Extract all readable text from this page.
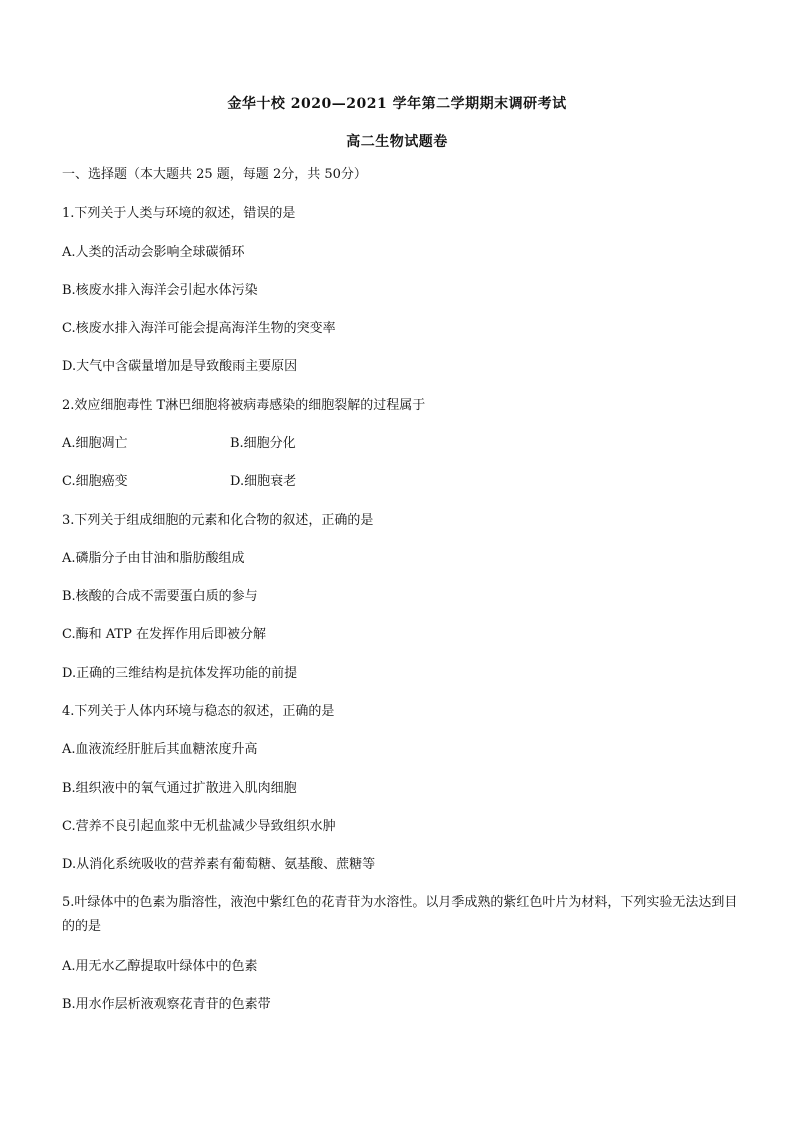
金华十校 2020—2021 学年第二学期期末调研考试
高二生物试题卷
一、选择题（本大题共 25 题，每题 2分，共 50分）
1.下列关于人类与环境的叙述，错误的是
A.人类的活动会影响全球碳循环
B.核废水排入海洋会引起水体污染
C.核废水排入海洋可能会提高海洋生物的突变率
D.大气中含碳量增加是导致酸雨主要原因
2.效应细胞毒性 T淋巴细胞将被病毒感染的细胞裂解的过程属于
A.细胞凋亡	B.细胞分化
C.细胞癌变	D.细胞衰老
3.下列关于组成细胞的元素和化合物的叙述，正确的是
A.磷脂分子由甘油和脂肪酸组成
B.核酸的合成不需要蛋白质的参与
C.酶和 ATP 在发挥作用后即被分解
D.正确的三维结构是抗体发挥功能的前提
4.下列关于人体内环境与稳态的叙述，正确的是
A.血液流经肝脏后其血糖浓度升高
B.组织液中的氧气通过扩散进入肌肉细胞
C.营养不良引起血浆中无机盐减少导致组织水肿
D.从消化系统吸收的营养素有葡萄糖、氨基酸、蔗糖等
5.叶绿体中的色素为脂溶性，液泡中紫红色的花青苷为水溶性。以月季成熟的紫红色叶片为材料，下列实验无法达到目的的是
A.用无水乙醇提取叶绿体中的色素
B.用水作层析液观察花青苷的色素带
